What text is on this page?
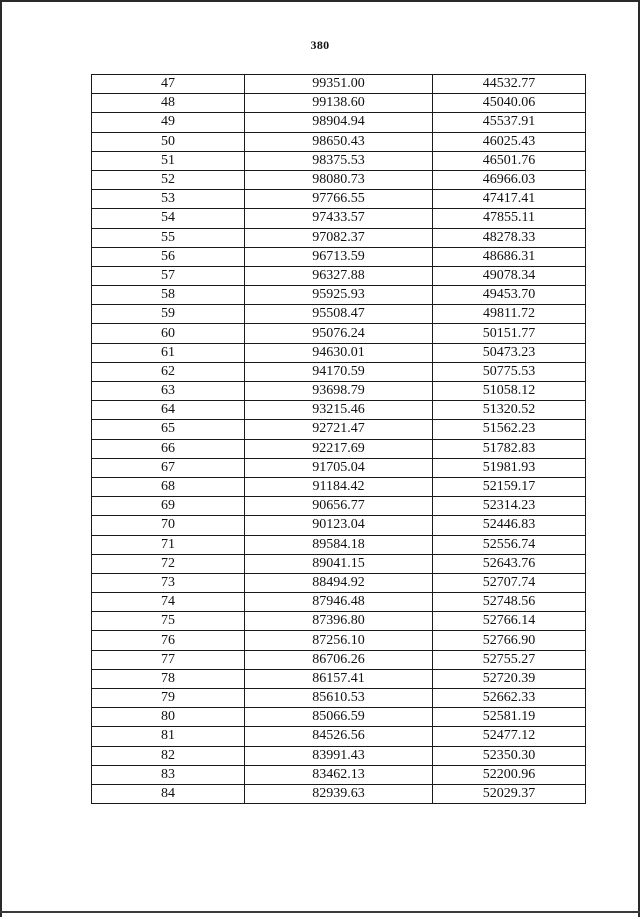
380
47	99351.00	44532.77
48	99138.60	45040.06
49	98904.94	45537.91
50	98650.43	46025.43
51	98375.53	46501.76
52	98080.73	46966.03
53	97766.55	47417.41
54	97433.57	47855.11
55	97082.37	48278.33
56	96713.59	48686.31
57	96327.88	49078.34
58	95925.93	49453.70
59	95508.47	49811.72
60	95076.24	50151.77
61	94630.01	50473.23
62	94170.59	50775.53
63	93698.79	51058.12
64	93215.46	51320.52
65	92721.47	51562.23
66	92217.69	51782.83
67	91705.04	51981.93
68	91184.42	52159.17
69	90656.77	52314.23
70	90123.04	52446.83
71	89584.18	52556.74
72	89041.15	52643.76
73	88494.92	52707.74
74	87946.48	52748.56
75	87396.80	52766.14
76	87256.10	52766.90
77	86706.26	52755.27
78	86157.41	52720.39
79	85610.53	52662.33
80	85066.59	52581.19
81	84526.56	52477.12
82	83991.43	52350.30
83	83462.13	52200.96
84	82939.63	52029.37
